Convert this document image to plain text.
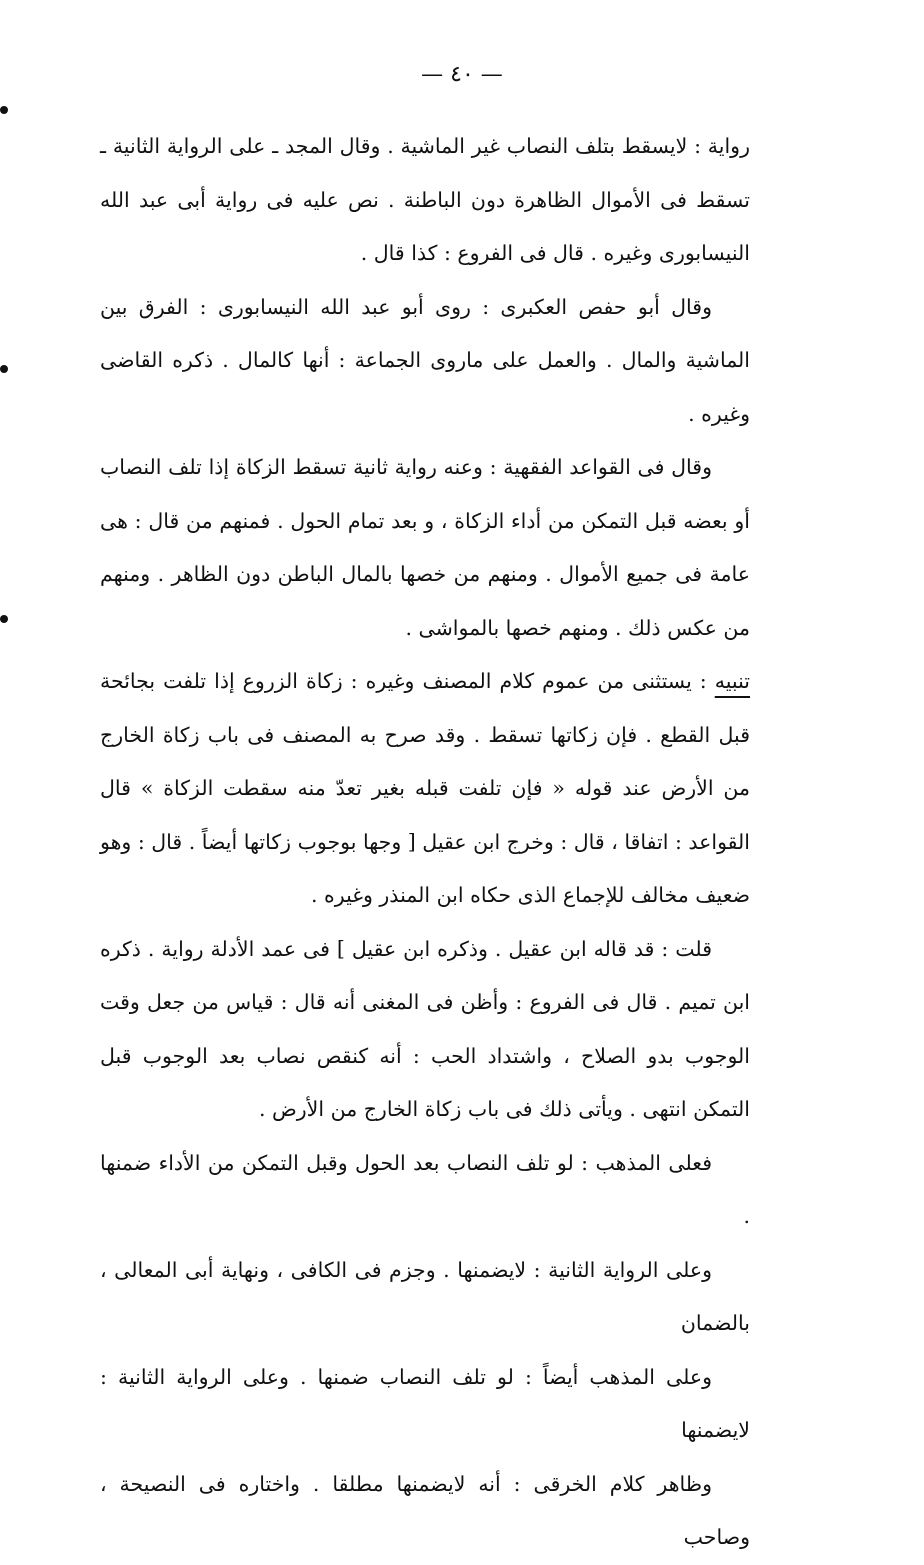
— ٤٠ —

رواية : لايسقط بتلف النصاب غير الماشية . وقال المجد ـ على الرواية الثانية ـ تسقط فى الأموال الظاهرة دون الباطنة . نص عليه فى رواية أبى عبد الله النيسابورى وغيره . قال فى الفروع : كذا قال .

وقال أبو حفص العكبرى : روى أبو عبد الله النيسابورى : الفرق بين الماشية والمال . والعمل على ماروى الجماعة : أنها كالمال . ذكره القاضى وغيره .

وقال فى القواعد الفقهية : وعنه رواية ثانية تسقط الزكاة إذا تلف النصاب أو بعضه قبل التمكن من أداء الزكاة ، و بعد تمام الحول . فمنهم من قال : هى عامة فى جميع الأموال . ومنهم من خصها بالمال الباطن دون الظاهر . ومنهم من عكس ذلك . ومنهم خصها بالمواشى .

تنبيه : يستثنى من عموم كلام المصنف وغيره : زكاة الزروع إذا تلفت بجائحة قبل القطع . فإن زكاتها تسقط . وقد صرح به المصنف فى باب زكاة الخارج من الأرض عند قوله « فإن تلفت قبله بغير تعدّ منه سقطت الزكاة » قال القواعد : اتفاقا ، قال : وخرج ابن عقيل [ وجها بوجوب زكاتها أيضاً . قال : وهو ضعيف مخالف للإجماع الذى حكاه ابن المنذر وغيره .

قلت : قد قاله ابن عقيل . وذكره ابن عقيل ] فى عمد الأدلة رواية . ذكره ابن تميم . قال فى الفروع : وأظن فى المغنى أنه قال : قياس من جعل وقت الوجوب بدو الصلاح ، واشتداد الحب : أنه كنقص نصاب بعد الوجوب قبل التمكن انتهى . ويأتى ذلك فى باب زكاة الخارج من الأرض .

فعلى المذهب : لو تلف النصاب بعد الحول وقبل التمكن من الأداء ضمنها .

وعلى الرواية الثانية : لايضمنها . وجزم فى الكافى ، ونهاية أبى المعالى ، بالضمان

وعلى المذهب أيضاً : لو تلف النصاب ضمنها . وعلى الرواية الثانية : لايضمنها

وظاهر كلام الخرقى : أنه لايضمنها مطلقا . واختاره فى النصيحة ، وصاحب
